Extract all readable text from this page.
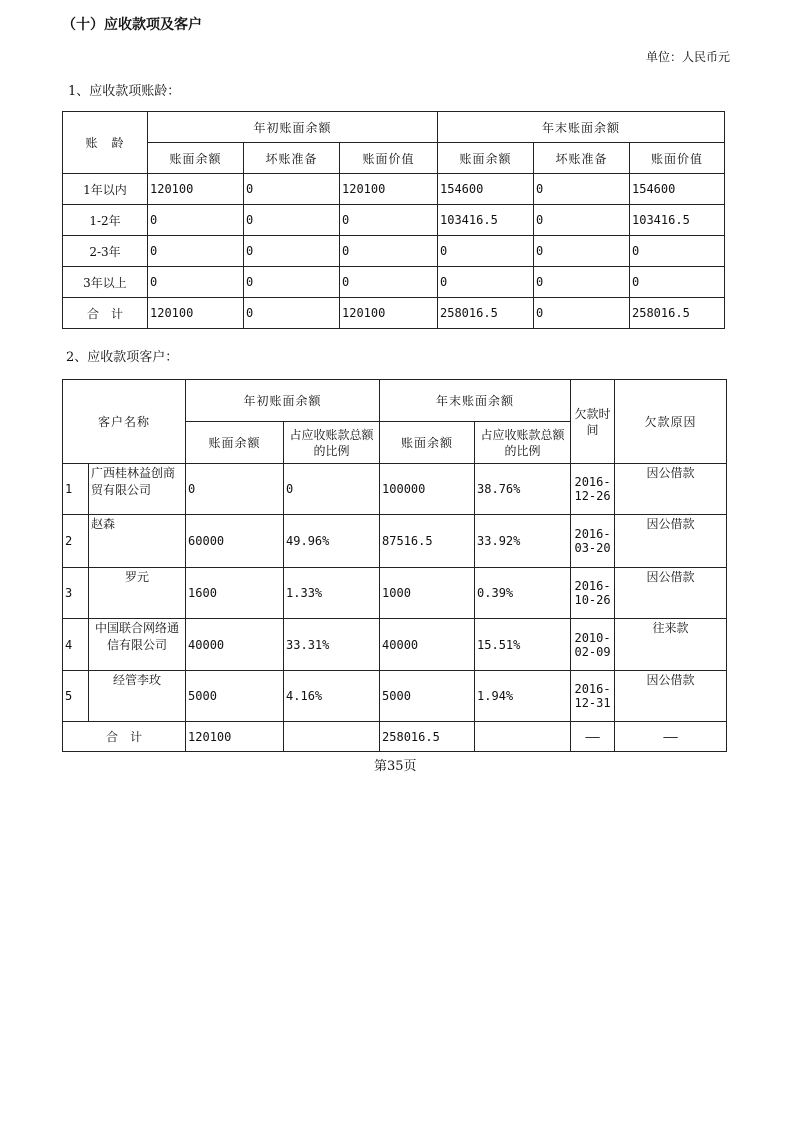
（十）应收款项及客户
单位：人民币元
1、应收款项账龄：
账　龄	年初账面余额			年末账面余额		
	账面余额	坏账准备	账面价值	账面余额	坏账准备	账面价值
1年以内	120100	0	120100	154600	0	154600
1-2年	0	0	0	103416.5	0	103416.5
2-3年	0	0	0	0	0	0
3年以上	0	0	0	0	0	0
合　计	120100	0	120100	258016.5	0	258016.5
2、应收款项客户：
客户名称		年初账面余额		年末账面余额		欠款时间	欠款原因
		账面余额	占应收账款总额的比例	账面余额	占应收账款总额的比例		
1	广西桂林益创商贸有限公司	0	0	100000	38.76%	2016-12-26	因公借款
2	赵森	60000	49.96%	87516.5	33.92%	2016-03-20	因公借款
3	罗元	1600	1.33%	1000	0.39%	2016-10-26	因公借款
4	中国联合网络通信有限公司	40000	33.31%	40000	15.51%	2010-02-09	往来款
5	经管李玫	5000	4.16%	5000	1.94%	2016-12-31	因公借款
合　计		120100		258016.5		——	——
第35页
